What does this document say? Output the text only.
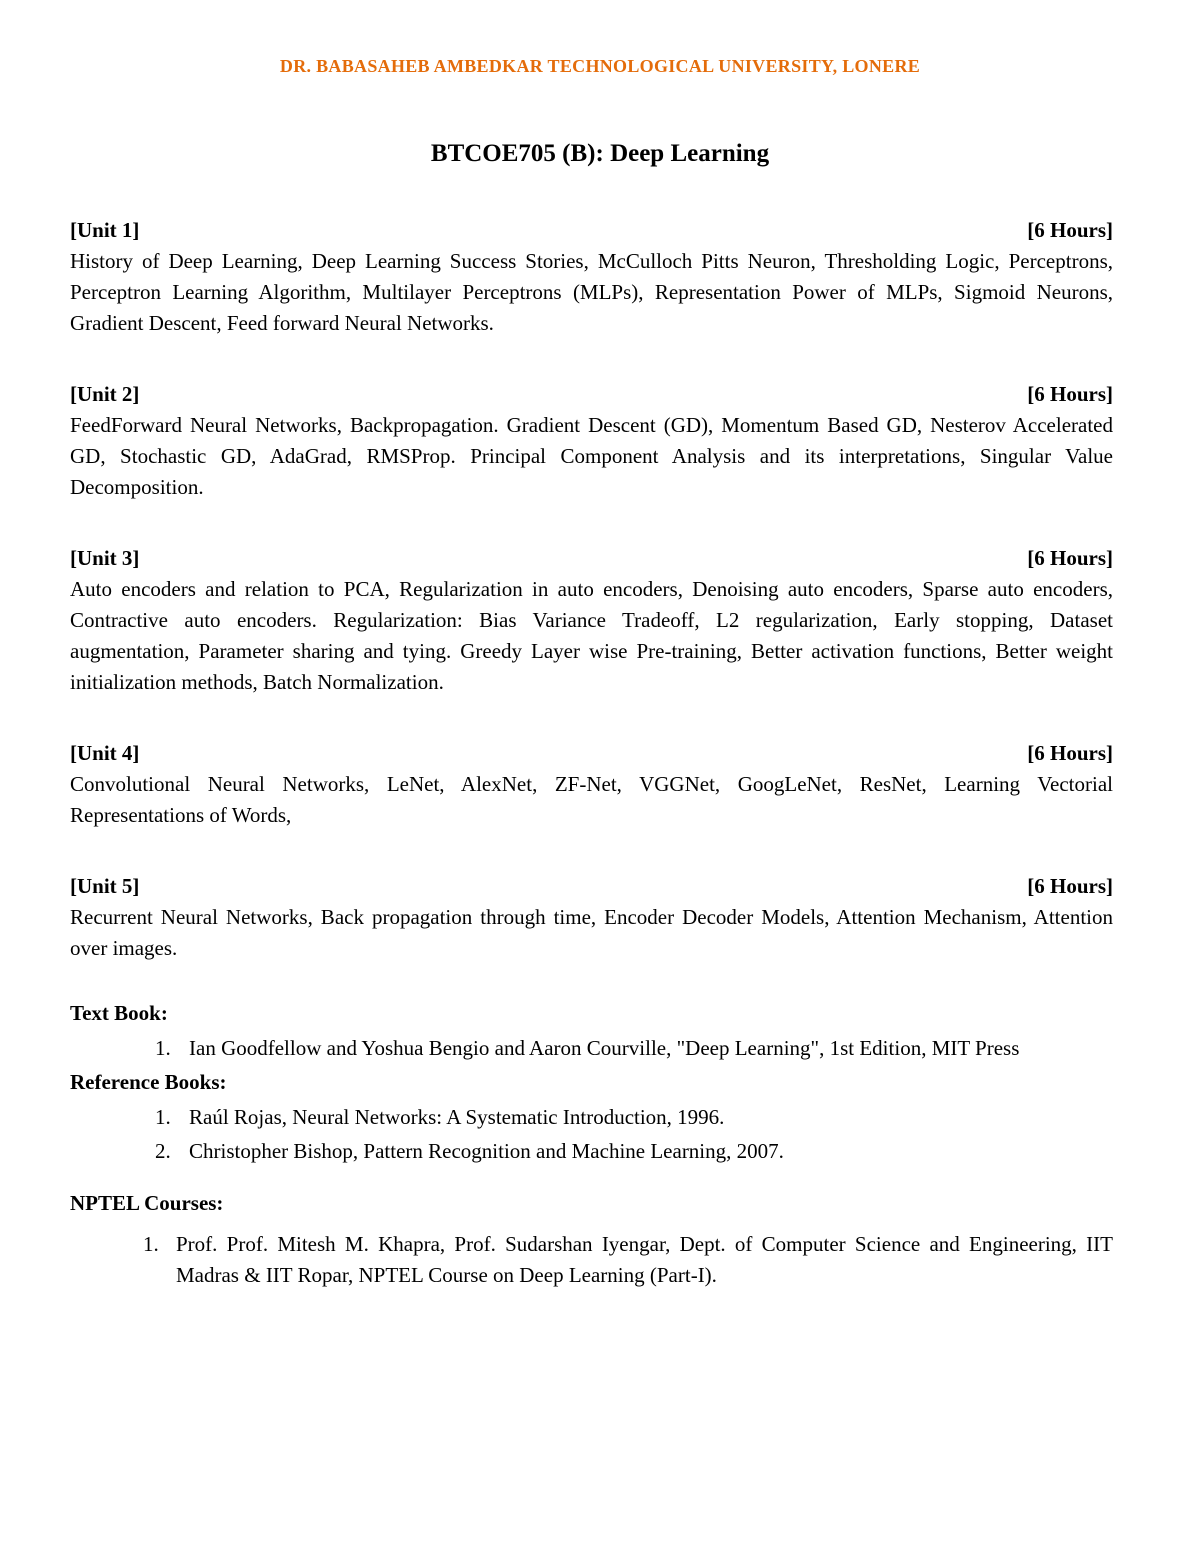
DR. BABASAHEB AMBEDKAR TECHNOLOGICAL UNIVERSITY, LONERE
BTCOE705 (B): Deep Learning
[Unit 1]	[6 Hours]
History of Deep Learning, Deep Learning Success Stories, McCulloch Pitts Neuron, Thresholding Logic, Perceptrons, Perceptron Learning Algorithm, Multilayer Perceptrons (MLPs), Representation Power of MLPs, Sigmoid Neurons, Gradient Descent, Feed forward Neural Networks.
[Unit 2]	[6 Hours]
FeedForward Neural Networks, Backpropagation. Gradient Descent (GD), Momentum Based GD, Nesterov Accelerated GD, Stochastic GD, AdaGrad, RMSProp. Principal Component Analysis and its interpretations, Singular Value Decomposition.
[Unit 3]	[6 Hours]
Auto encoders and relation to PCA, Regularization in auto encoders, Denoising auto encoders, Sparse auto encoders, Contractive auto encoders. Regularization: Bias Variance Tradeoff, L2 regularization, Early stopping, Dataset augmentation, Parameter sharing and tying. Greedy Layer wise Pre-training, Better activation functions, Better weight initialization methods, Batch Normalization.
[Unit 4]	[6 Hours]
Convolutional Neural Networks, LeNet, AlexNet, ZF-Net, VGGNet, GoogLeNet, ResNet, Learning Vectorial Representations of Words,
[Unit 5]	[6 Hours]
Recurrent Neural Networks, Back propagation through time, Encoder Decoder Models, Attention Mechanism, Attention over images.
Text Book:
1. Ian Goodfellow and Yoshua Bengio and Aaron Courville, "Deep Learning", 1st Edition, MIT Press
Reference Books:
1. Raúl Rojas, Neural Networks: A Systematic Introduction, 1996.
2. Christopher Bishop, Pattern Recognition and Machine Learning, 2007.
NPTEL Courses:
1. Prof. Prof. Mitesh M. Khapra, Prof. Sudarshan Iyengar, Dept. of Computer Science and Engineering, IIT Madras & IIT Ropar, NPTEL Course on Deep Learning (Part-I).
